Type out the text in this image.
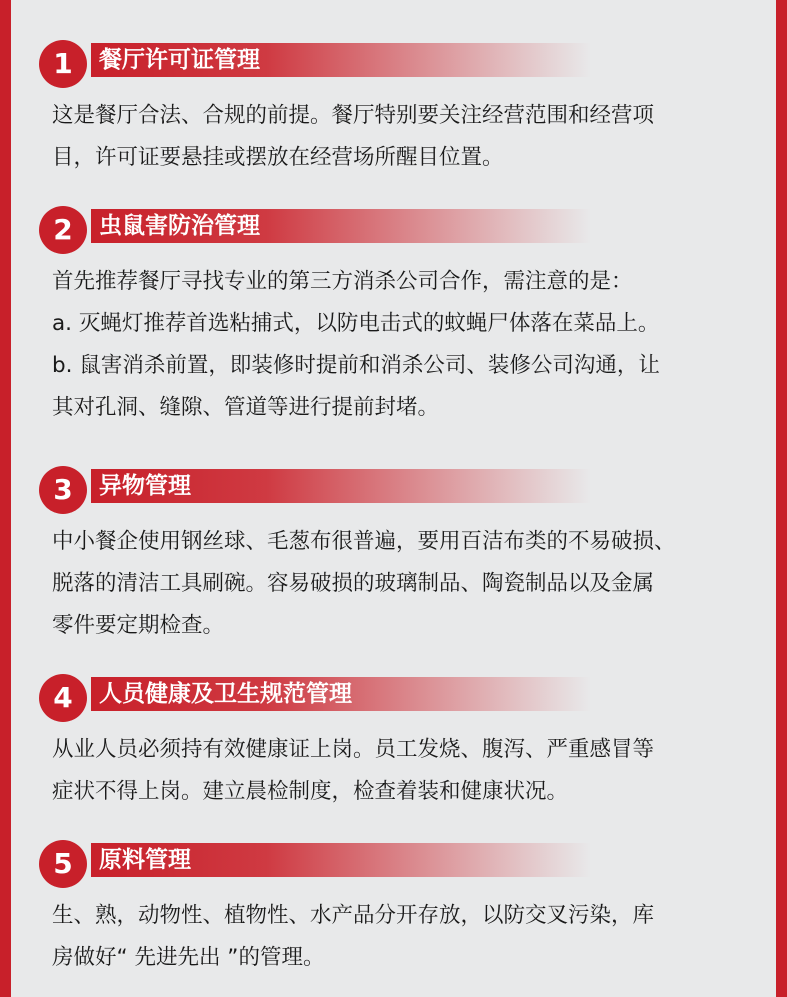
1	餐厅许可证管理

这是餐厅合法、合规的前提。餐厅特别要关注经营范围和经营项

目，许可证要悬挂或摆放在经营场所醒目位置。

2	虫鼠害防治管理

首先推荐餐厅寻找专业的第三方消杀公司合作，需注意的是：

a. 灭蝇灯推荐首选粘捕式，以防电击式的蚊蝇尸体落在菜品上。

b. 鼠害消杀前置，即装修时提前和消杀公司、装修公司沟通，让

其对孔洞、缝隙、管道等进行提前封堵。

3	异物管理

中小餐企使用钢丝球、毛葱布很普遍，要用百洁布类的不易破损、

脱落的清洁工具刷碗。容易破损的玻璃制品、陶瓷制品以及金属

零件要定期检查。

4	人员健康及卫生规范管理

从业人员必须持有效健康证上岗。员工发烧、腹泻、严重感冒等

症状不得上岗。建立晨检制度，检查着装和健康状况。

5	原料管理

生、熟，动物性、植物性、水产品分开存放，以防交叉污染，库

房做好“ 先进先出 ”的管理。
